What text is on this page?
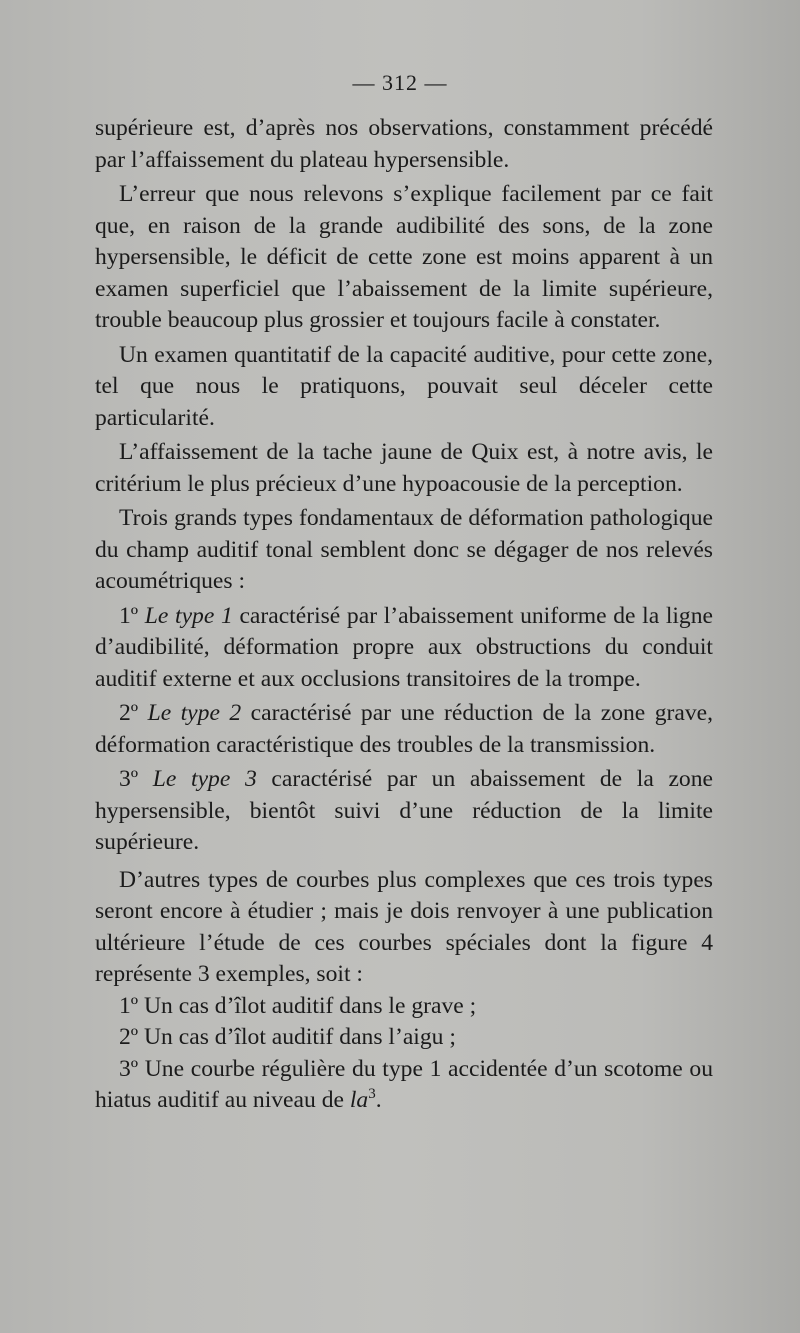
— 312 —

supérieure est, d’après nos observations, constamment précédé par l’affaissement du plateau hypersensible.

L’erreur que nous relevons s’explique facilement par ce fait que, en raison de la grande audibilité des sons, de la zone hypersensible, le déficit de cette zone est moins apparent à un examen superficiel que l’abaissement de la limite supérieure, trouble beaucoup plus grossier et toujours facile à constater.

Un examen quantitatif de la capacité auditive, pour cette zone, tel que nous le pratiquons, pouvait seul déceler cette particularité.

L’affaissement de la tache jaune de Quix est, à notre avis, le critérium le plus précieux d’une hypoacousie de la perception.

Trois grands types fondamentaux de déformation pathologique du champ auditif tonal semblent donc se dégager de nos relevés acoumétriques :

1º Le type 1 caractérisé par l’abaissement uniforme de la ligne d’audibilité, déformation propre aux obstructions du conduit auditif externe et aux occlusions transitoires de la trompe.

2º Le type 2 caractérisé par une réduction de la zone grave, déformation caractéristique des troubles de la transmission.

3º Le type 3 caractérisé par un abaissement de la zone hypersensible, bientôt suivi d’une réduction de la limite supérieure.

D’autres types de courbes plus complexes que ces trois types seront encore à étudier ; mais je dois renvoyer à une publication ultérieure l’étude de ces courbes spéciales dont la figure 4 représente 3 exemples, soit :

1º Un cas d’îlot auditif dans le grave ;

2º Un cas d’îlot auditif dans l’aigu ;

3º Une courbe régulière du type 1 accidentée d’un scotome ou hiatus auditif au niveau de $la^3$.
